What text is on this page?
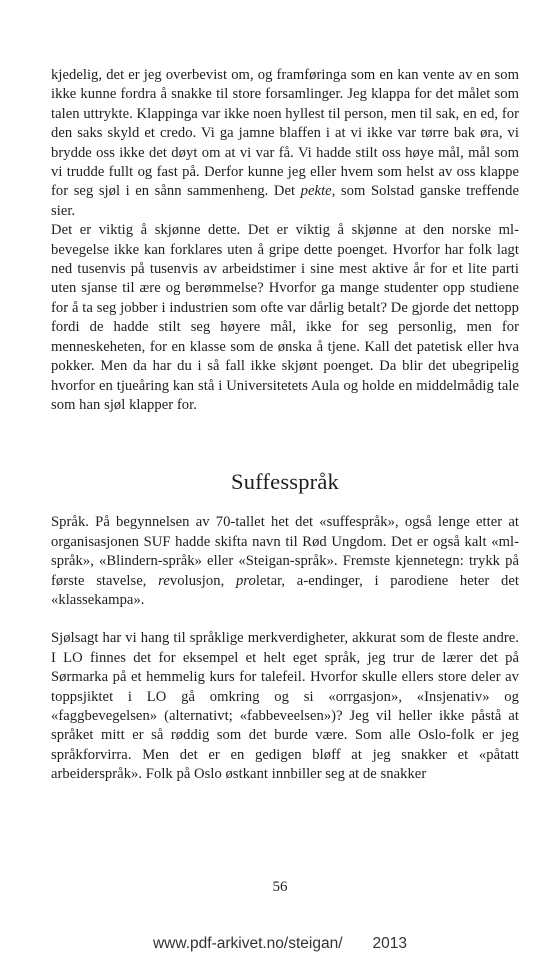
kjedelig, det er jeg overbevist om, og framføringa som en kan vente av en som ikke kunne fordra å snakke til store forsamlinger. Jeg klappa for det målet som talen uttrykte. Klappinga var ikke noen hyllest til person, men til sak, en ed, for den saks skyld et credo. Vi ga jamne blaffen i at vi ikke var tørre bak øra, vi brydde oss ikke det døyt om at vi var få. Vi hadde stilt oss høye mål, mål som vi trudde fullt og fast på. Derfor kunne jeg eller hvem som helst av oss klappe for seg sjøl i en sånn sammenheng. Det pekte, som Solstad ganske treffende sier.

Det er viktig å skjønne dette. Det er viktig å skjønne at den norske ml-bevegelse ikke kan forklares uten å gripe dette poenget. Hvorfor har folk lagt ned tusenvis på tusenvis av arbeidstimer i sine mest aktive år for et lite parti uten sjanse til ære og berømmelse? Hvorfor ga mange studenter opp studiene for å ta seg jobber i industrien som ofte var dårlig betalt? De gjorde det nettopp fordi de hadde stilt seg høyere mål, ikke for seg personlig, men for menneskeheten, for en klasse som de ønska å tjene. Kall det patetisk eller hva pokker. Men da har du i så fall ikke skjønt poenget. Da blir det ubegripelig hvorfor en tjueåring kan stå i Universitetets Aula og holde en middelmådig tale som han sjøl klapper for.

Suffesspråk

Språk. På begynnelsen av 70-tallet het det «suffespråk», også lenge etter at organisasjonen SUF hadde skifta navn til Rød Ungdom. Det er også kalt «ml-språk», «Blindern-språk» eller «Steigan-språk». Fremste kjennetegn: trykk på første stavelse, revolusjon, proletar, a-endinger, i parodiene heter det «klassekampa».

Sjølsagt har vi hang til språklige merkverdigheter, akkurat som de fleste andre. I LO finnes det for eksempel et helt eget språk, jeg trur de lærer det på Sørmarka på et hemmelig kurs for talefeil. Hvorfor skulle ellers store deler av toppsjiktet i LO gå omkring og si «orrgasjon», «Insjenativ» og «faggbevegelsen» (alternativt; «fabbeveelsen»)? Jeg vil heller ikke påstå at språket mitt er så røddig som det burde være. Som alle Oslo-folk er jeg språkforvirra. Men det er en gedigen bløff at jeg snakker et «påtatt arbeiderspråk». Folk på Oslo østkant innbiller seg at de snakker

56
www.pdf-arkivet.no/steigan/ 2013
